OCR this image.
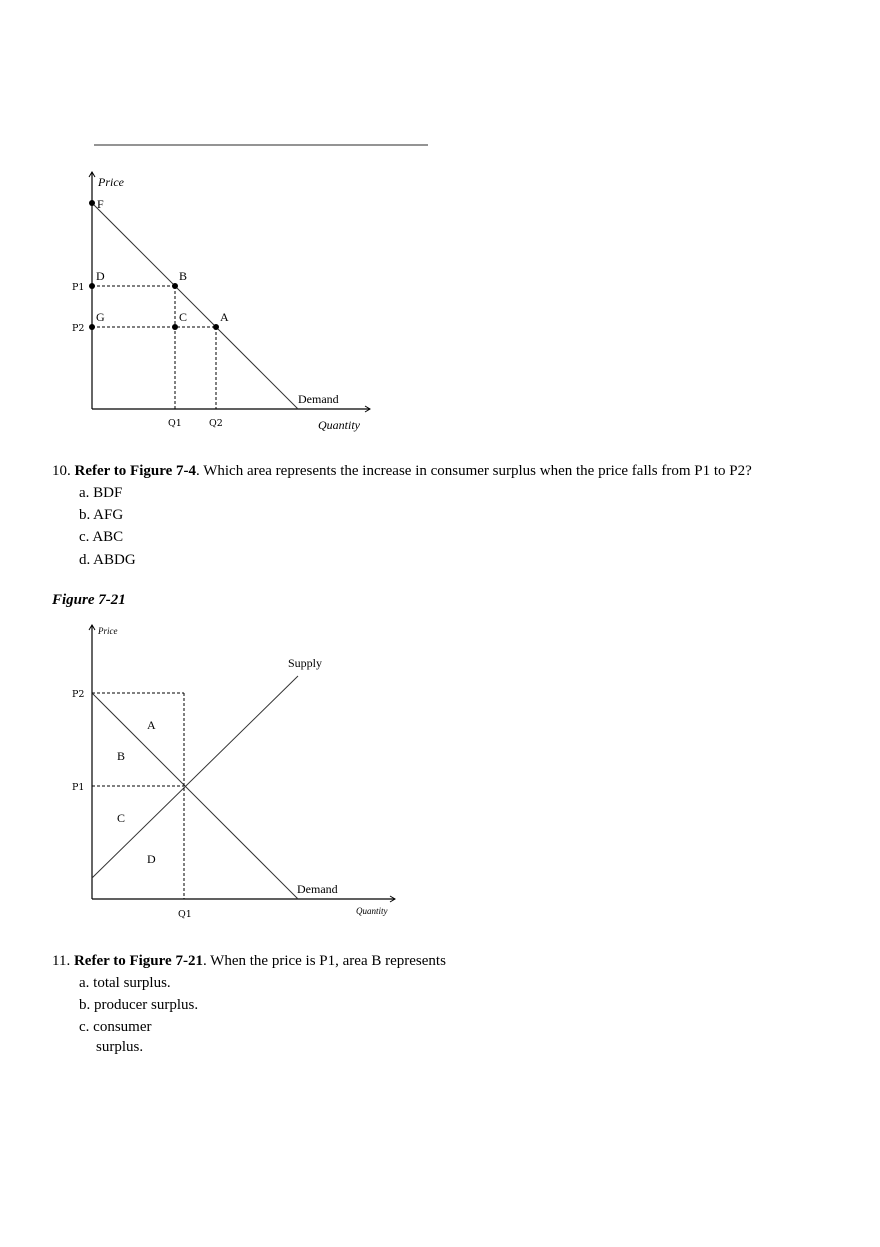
Price
Quantity
Demand
P1
P2
Q1	Q2
F
D	B
G	C	A
Price
Quantity
Supply
Demand
P2
P1
Q1
A
B
C
D
10. Refer to Figure 7-4. Which area represents the increase in consumer surplus when the price falls from P1 to P2?
a. BDF
b. AFG
c. ABC
d. ABDG
Figure 7-21
11. Refer to Figure 7-21. When the price is P1, area B represents
a. total surplus.
b. producer surplus.
c. consumer
surplus.
